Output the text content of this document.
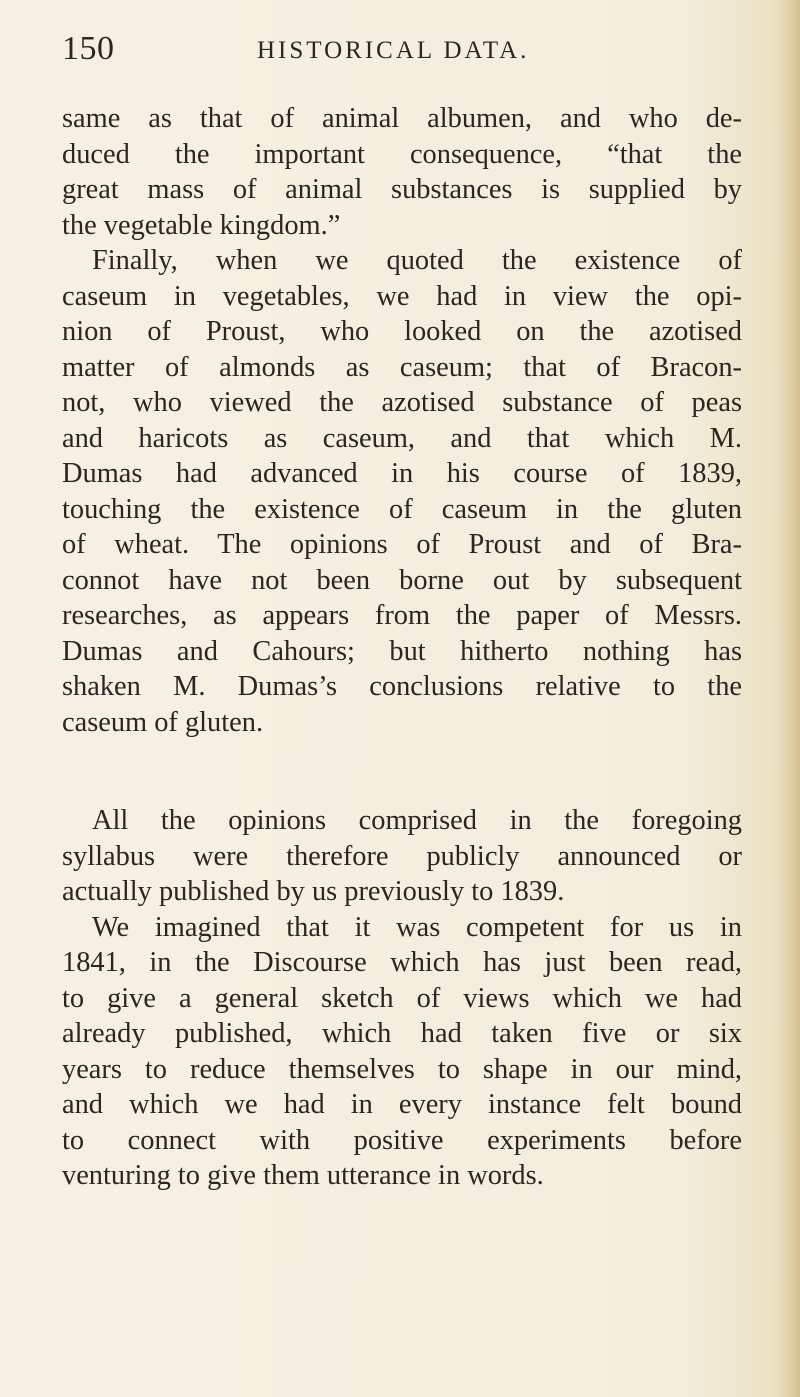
150	HISTORICAL DATA.
same as that of animal albumen, and who de-
duced the important consequence, “that the
great mass of animal substances is supplied by
the vegetable kingdom.”
Finally, when we quoted the existence of
caseum in vegetables, we had in view the opi-
nion of Proust, who looked on the azotised
matter of almonds as caseum; that of Bracon-
not, who viewed the azotised substance of peas
and haricots as caseum, and that which M.
Dumas had advanced in his course of 1839,
touching the existence of caseum in the gluten
of wheat. The opinions of Proust and of Bra-
connot have not been borne out by subsequent
researches, as appears from the paper of Messrs.
Dumas and Cahours; but hitherto nothing has
shaken M. Dumas’s conclusions relative to the
caseum of gluten.
All the opinions comprised in the foregoing
syllabus were therefore publicly announced or
actually published by us previously to 1839.
We imagined that it was competent for us in
1841, in the Discourse which has just been read,
to give a general sketch of views which we had
already published, which had taken five or six
years to reduce themselves to shape in our mind,
and which we had in every instance felt bound
to connect with positive experiments before
venturing to give them utterance in words.
